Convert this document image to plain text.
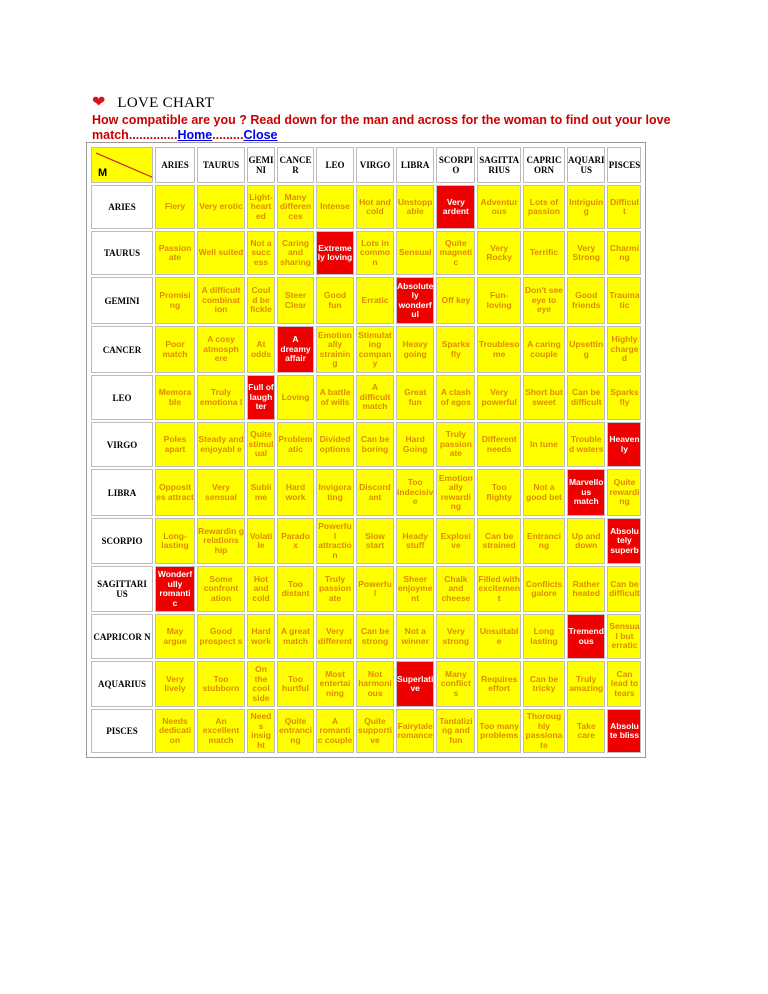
❤ LOVE CHART
How compatible are you ? Read down for the man and across for the woman to find out your love match..............Home.........Close
M	ARIES	TAURUS	GEMI NI	CANCE R	LEO	VIRGO	LIBRA	SCORPI O	SAGITTA RIUS	CAPRIC ORN	AQUARI US	PISCES
ARIES	Fiery	Very erotic	Light-heart ed	Many differen ces	Intense	Hot and cold	Unstopp able	Very ardent	Adventur ous	Lots of passion	Intriguin g	Difficul t
TAURUS	Passion ate	Well suited	Not a succ ess	Caring and sharing	Extreme ly loving	Lots in commo n	Sensual	Quite magneti c	Very Rocky	Terrific	Very Strong	Charmi ng
GEMINI	Promisi ng	A difficult combinat ion	Coul d be fickle	Steer Clear	Good fun	Erratic	Absolute ly wonderf ul	Off key	Fun-loving	Don't see eye to eye	Good friends	Trauma tic
CANCER	Poor match	A cosy atmosph ere	At odds	A dreamy affair	Emotion ally strainin g	Stimulat ing compan y	Heavy going	Sparks fly	Troubleso me	A caring couple	Upsettin g	Highly charge d
LEO	Memora ble	Truly emotiona l	Full of laugh ter	Loving	A battle of wills	A difficult match	Great fun	A clash of egos	Very powerful	Short but sweet	Can be difficult	Sparks fly
VIRGO	Poles apart	Steady and enjoyabl e	Quite stimul ual	Problem atic	Divided options	Can be boring	Hard Going	Truly passion ate	Different needs	In tune	Trouble d waters	Heaven ly
LIBRA	Opposit es attract	Very sensual	Subli me	Hard work	Invigora ting	Discord ant	Too indecisiv e	Emotion ally rewardi ng	Too flighty	Not a good bet	Marvello us match	Quite rewardi ng
SCORPIO	Long-lasting	Rewardin g relations hip	Volati le	Parado x	Powerfu l attractio n	Slow start	Heady stuff	Explosi ve	Can be strained	Entranci ng	Up and down	Absolu tely superb
SAGITTARI US	Wonderf ully romanti c	Some confront ation	Hot and cold	Too distant	Truly passion ate	Powerfu l	Sheer enjoyme nt	Chalk and cheese	Filled with excitemen t	Conflicts galore	Rather heated	Can be difficult
CAPRICOR N	May argue	Good prospect s	Hard work	A great match	Very different	Can be strong	Not a winner	Very strong	Unsuitabl e	Long lasting	Tremend ous	Sensua l but erratic
AQUARIUS	Very lively	Too stubborn	On the cool side	Too hurtful	Most entertai ning	Not harmoni ous	Superlati ve	Many conflict s	Requires effort	Can be tricky	Truly amazing	Can lead to tears
PISCES	Needs dedicati on	An excellent match	Need s insig ht	Quite entranci ng	A romanti c couple	Quite supporti ve	Fairytale romance	Tantalizi ng and fun	Too many problems	Thoroug hly passiona te	Take care	Absolu te bliss
